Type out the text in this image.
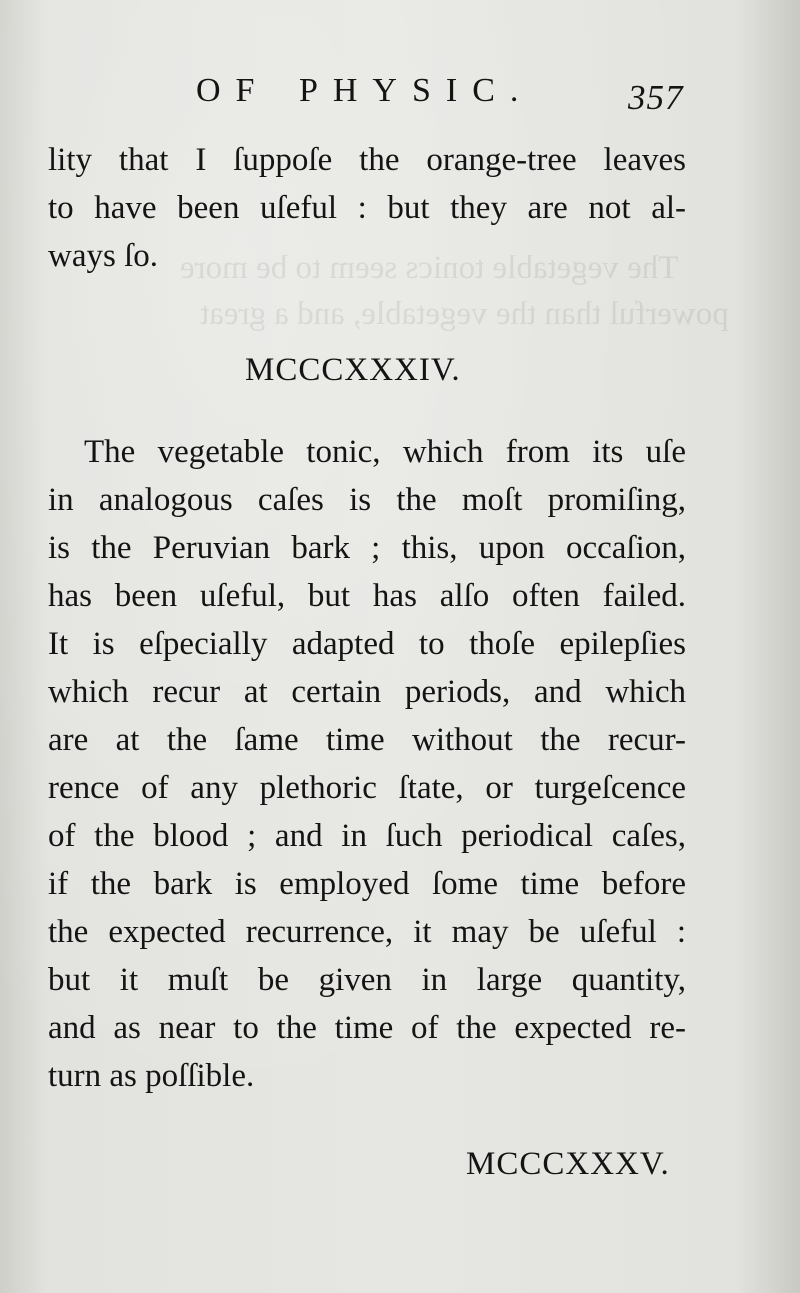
The vegetable tonics seem to be more
powerful than the vegetable, and a great
OF PHYSIC.	357
lity that I ſuppoſe the orange-tree leaves
to have been uſeful : but they are not al-
ways ſo.
MCCCXXXIV.
The vegetable tonic, which from its uſe
in analogous caſes is the moſt promiſing,
is the Peruvian bark ; this, upon occaſion,
has been uſeful, but has alſo often failed.
It is eſpecially adapted to thoſe epilepſies
which recur at certain periods, and which
are at the ſame time without the recur-
rence of any plethoric ſtate, or turgeſcence
of the blood ; and in ſuch periodical caſes,
if the bark is employed ſome time before
the expected recurrence, it may be uſeful :
but it muſt be given in large quantity,
and as near to the time of the expected re-
turn as poſſible.
MCCCXXXV.
